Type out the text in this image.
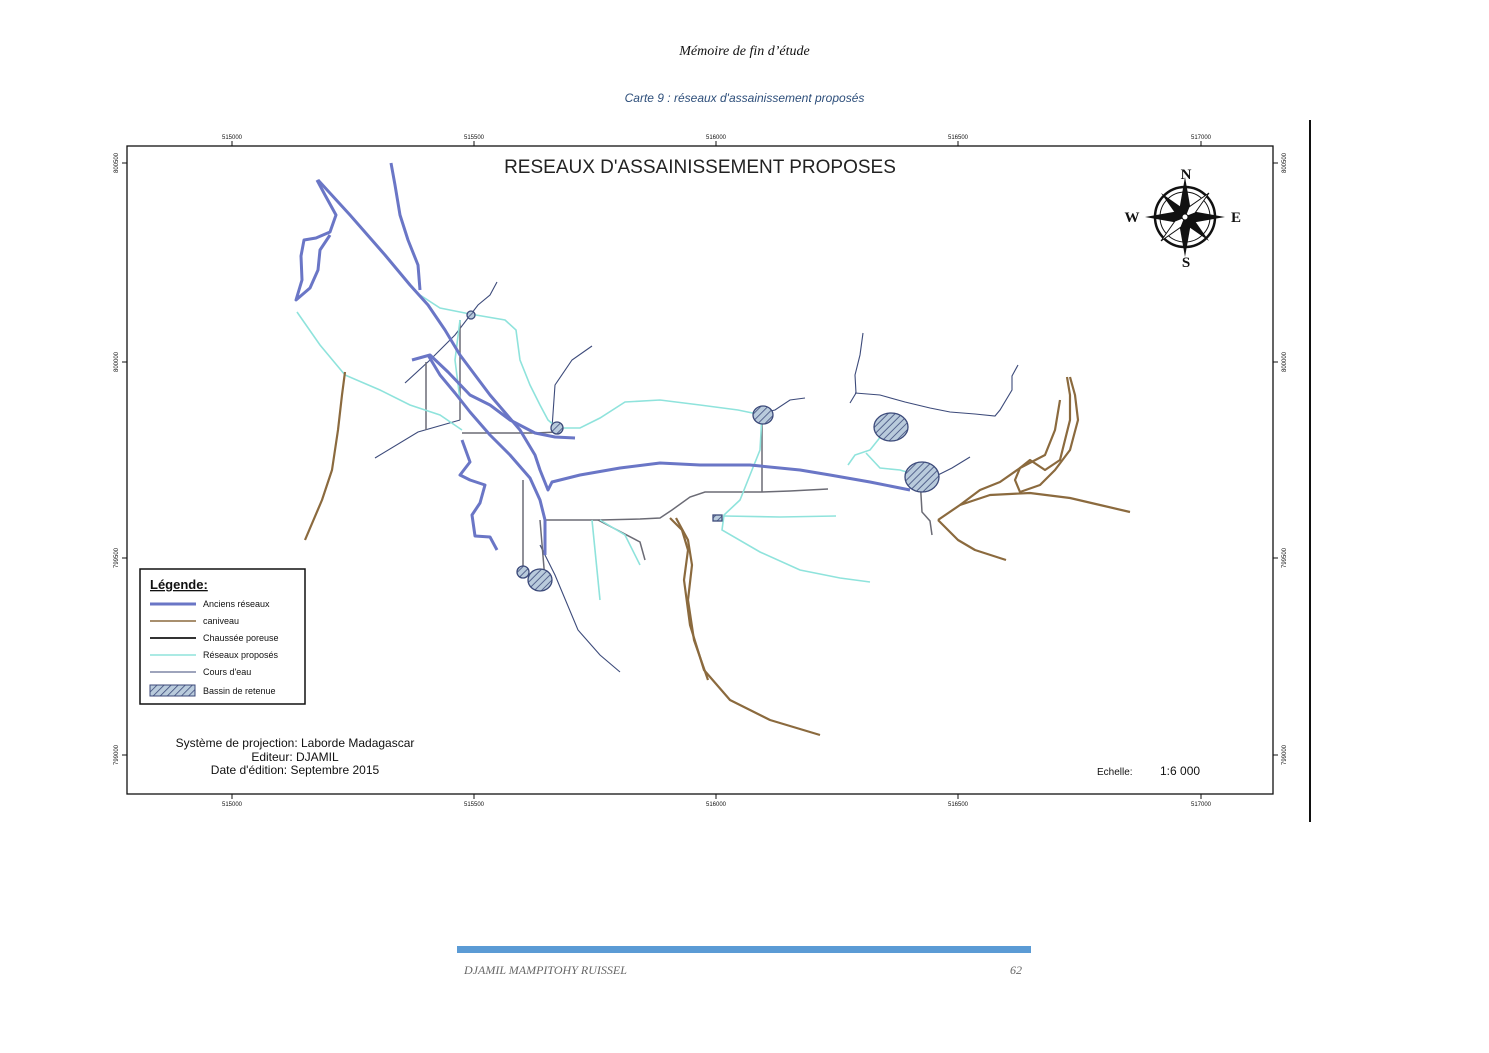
Mémoire de fin d’étude
Carte 9 : réseaux d'assainissement proposés
515000	515500	516000	516500	517000
515000	515500	516000	516500	517000
800500
800000
799500
799000
800500
800000
799500
799000
RESEAUX D'ASSAINISSEMENT PROPOSES	N
S
E
W
Légende:
Anciens réseaux
caniveau
Chaussée poreuse
Réseaux proposés
Cours d'eau
Bassin de retenue
Système de projection: Laborde Madagascar
Editeur: DJAMIL
Date d'édition: Septembre 2015	Echelle: 1:6 000
DJAMIL MAMPITOHY RUISSEL	62
